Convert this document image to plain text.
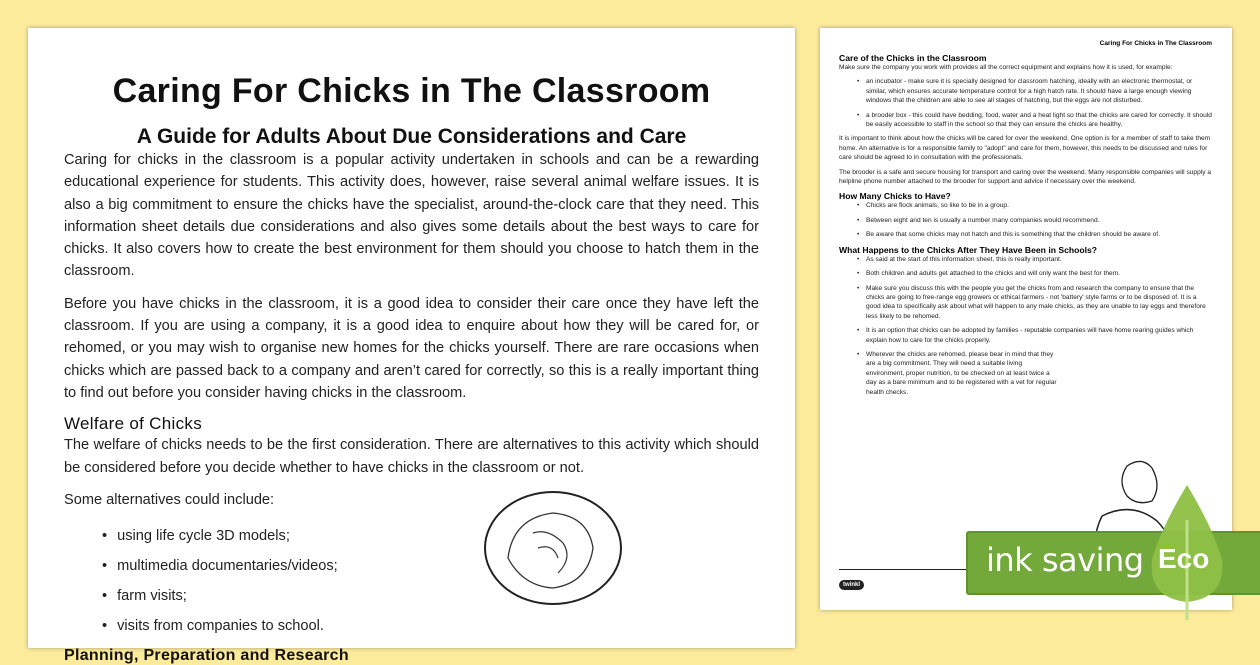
Caring For Chicks in The Classroom
A Guide for Adults About Due Considerations and Care

Caring for chicks in the classroom is a popular activity undertaken in schools and can be a rewarding educational experience for students. This activity does, however, raise several animal welfare issues. It is also a big commitment to ensure the chicks have the specialist, around-the-clock care that they need. This information sheet details due considerations and also gives some details about the best ways to care for chicks. It also covers how to create the best environment for them should you choose to hatch them in the classroom.

Before you have chicks in the classroom, it is a good idea to consider their care once they have left the classroom. If you are using a company, it is a good idea to enquire about how they will be cared for, or rehomed, or you may wish to organise new homes for the chicks yourself. There are rare occasions when chicks which are passed back to a company and aren’t cared for correctly, so this is a really important thing to find out before you consider having chicks in the classroom.

Welfare of Chicks

The welfare of chicks needs to be the first consideration. There are alternatives to this activity which should be considered before you decide whether to have chicks in the classroom or not.

Some alternatives could include:

• using life cycle 3D models;
• multimedia documentaries/videos;
• farm visits;
• visits from companies to school.
Planning, Preparation and Research
Caring For Chicks in The Classroom
Care of the Chicks in the Classroom

Make sure the company you work with provides all the correct equipment and explains how it is used, for example:

• an incubator - make sure it is specially designed for classroom hatching, ideally with an electronic thermostat, or similar, which ensures accurate temperature control for a high hatch rate. It should have a large enough viewing windows that the children are able to see all stages of hatching, but the eggs are not disturbed.
• a brooder box - this could have bedding, food, water and a heat light so that the chicks are cared for correctly. It should be easily accessible to staff in the school so that they can ensure the chicks are healthy.

It is important to think about how the chicks will be cared for over the weekend. One option is for a member of staff to take them home. An alternative is for a responsible family to "adopt" and care for them, however, this needs to be discussed and rules for care should be agreed to in consultation with the professionals.

The brooder is a safe and secure housing for transport and caring over the weekend. Many responsible companies will supply a helpline phone number attached to the brooder for support and advice if necessary over the weekend.

How Many Chicks to Have?
• Chicks are flock animals, so like to be in a group.
• Between eight and ten is usually a number many companies would recommend.
• Be aware that some chicks may not hatch and this is something that the children should be aware of.
What Happens to the Chicks After They Have Been in Schools?
• As said at the start of this information sheet, this is really important.
• Both children and adults get attached to the chicks and will only want the best for them.
• Make sure you discuss this with the people you get the chicks from and research the company to ensure that the chicks are going to free-range egg growers or ethical farmers - not 'battery' style farms or to be disposed of. It is a good idea to specifically ask about what will happen to any male chicks, as they are unable to lay eggs and therefore less likely to be rehomed.
• It is an option that chicks can be adopted by families - reputable companies will have home rearing guides which explain how to care for the chicks properly.
• Wherever the chicks are rehomed, please bear in mind that they are a big commitment. They will need a suitable living environment, proper nutrition, to be checked on at least twice a day as a bare minimum and to be registered with a vet for regular health checks.
twinkl
ink saving Eco
